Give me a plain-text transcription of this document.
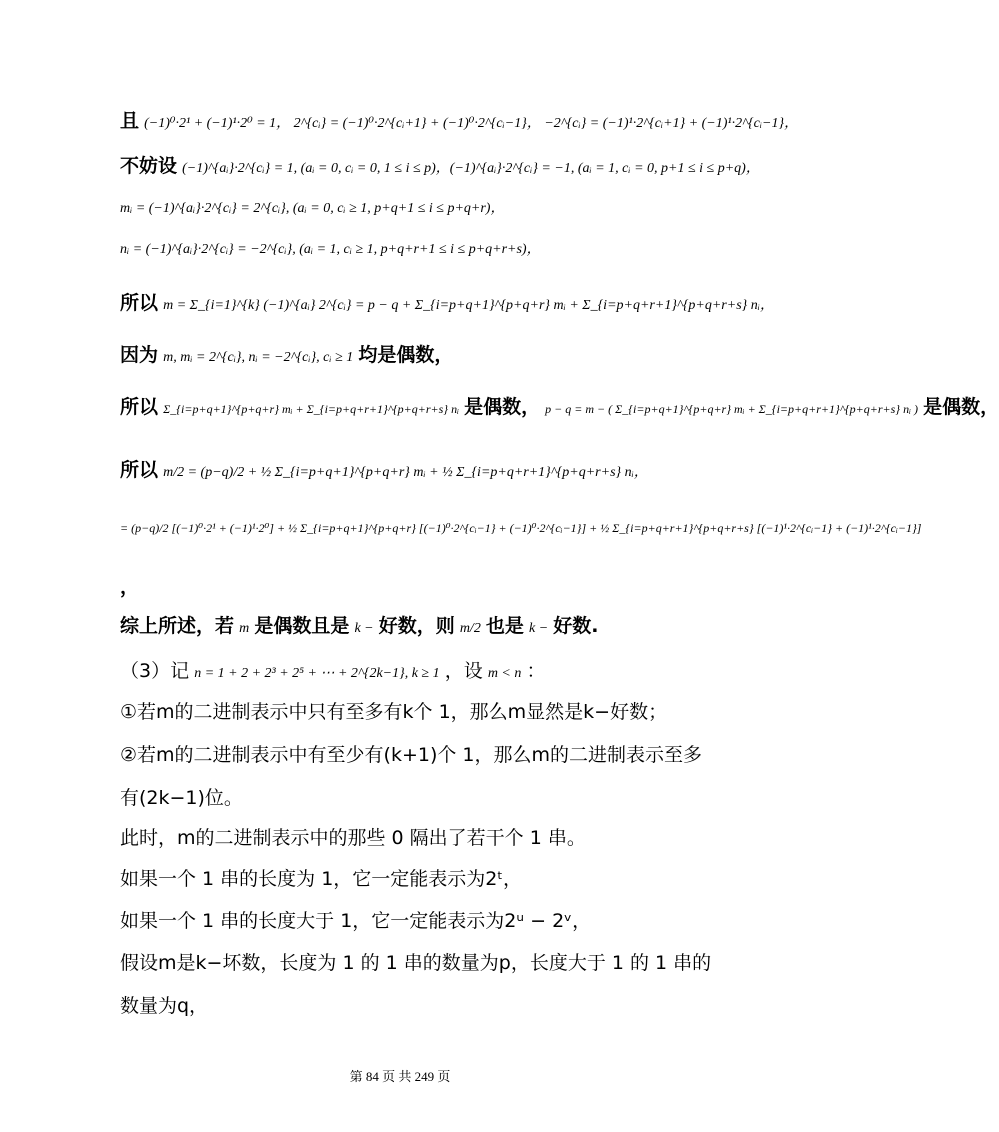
且 (−1)⁰·2¹ + (−1)¹·2⁰ = 1， 2^{cᵢ} = (−1)⁰·2^{cᵢ+1} + (−1)⁰·2^{cᵢ−1}， −2^{cᵢ} = (−1)¹·2^{cᵢ+1} + (−1)¹·2^{cᵢ−1}，
不妨设 (−1)^{aᵢ}·2^{cᵢ} = 1, (aᵢ = 0, cᵢ = 0, 1 ≤ i ≤ p)，(−1)^{aᵢ}·2^{cᵢ} = −1, (aᵢ = 1, cᵢ = 0, p+1 ≤ i ≤ p+q)，
mᵢ = (−1)^{aᵢ}·2^{cᵢ} = 2^{cᵢ}, (aᵢ = 0, cᵢ ≥ 1, p+q+1 ≤ i ≤ p+q+r)，
nᵢ = (−1)^{aᵢ}·2^{cᵢ} = −2^{cᵢ}, (aᵢ = 1, cᵢ ≥ 1, p+q+r+1 ≤ i ≤ p+q+r+s)，
所以 m = Σ_{i=1}^{k} (−1)^{aᵢ} 2^{cᵢ} = p − q + Σ_{i=p+q+1}^{p+q+r} mᵢ + Σ_{i=p+q+r+1}^{p+q+r+s} nᵢ，
因为 m, mᵢ = 2^{cᵢ}, nᵢ = −2^{cᵢ}, cᵢ ≥ 1 均是偶数，
所以 Σ_{i=p+q+1}^{p+q+r} mᵢ + Σ_{i=p+q+r+1}^{p+q+r+s} nᵢ 是偶数， p − q = m − ( Σ_{i=p+q+1}^{p+q+r} mᵢ + Σ_{i=p+q+r+1}^{p+q+r+s} nᵢ ) 是偶数，
所以 m/2 = (p−q)/2 + ½ Σ_{i=p+q+1}^{p+q+r} mᵢ + ½ Σ_{i=p+q+r+1}^{p+q+r+s} nᵢ，
= (p−q)/2 [(−1)⁰·2¹ + (−1)¹·2⁰] + ½ Σ_{i=p+q+1}^{p+q+r} [(−1)⁰·2^{cᵢ−1} + (−1)⁰·2^{cᵢ−1}] + ½ Σ_{i=p+q+r+1}^{p+q+r+s} [(−1)¹·2^{cᵢ−1} + (−1)¹·2^{cᵢ−1}]
，
综上所述，若 m 是偶数且是 k − 好数，则 m/2 也是 k − 好数.
（3）记 n = 1 + 2 + 2³ + 2⁵ + ⋯ + 2^{2k−1}, k ≥ 1 ，设 m < n ：
①若m的二进制表示中只有至多有k个 1，那么m显然是k−好数；
②若m的二进制表示中有至少有(k+1)个 1，那么m的二进制表示至多
有(2k−1)位。
此时，m的二进制表示中的那些 0 隔出了若干个 1 串。
如果一个 1 串的长度为 1，它一定能表示为2ᵗ，
如果一个 1 串的长度大于 1，它一定能表示为2ᵘ − 2ᵛ，
假设m是k−坏数，长度为 1 的 1 串的数量为p，长度大于 1 的 1 串的
数量为q，
第 84 页 共 249 页
